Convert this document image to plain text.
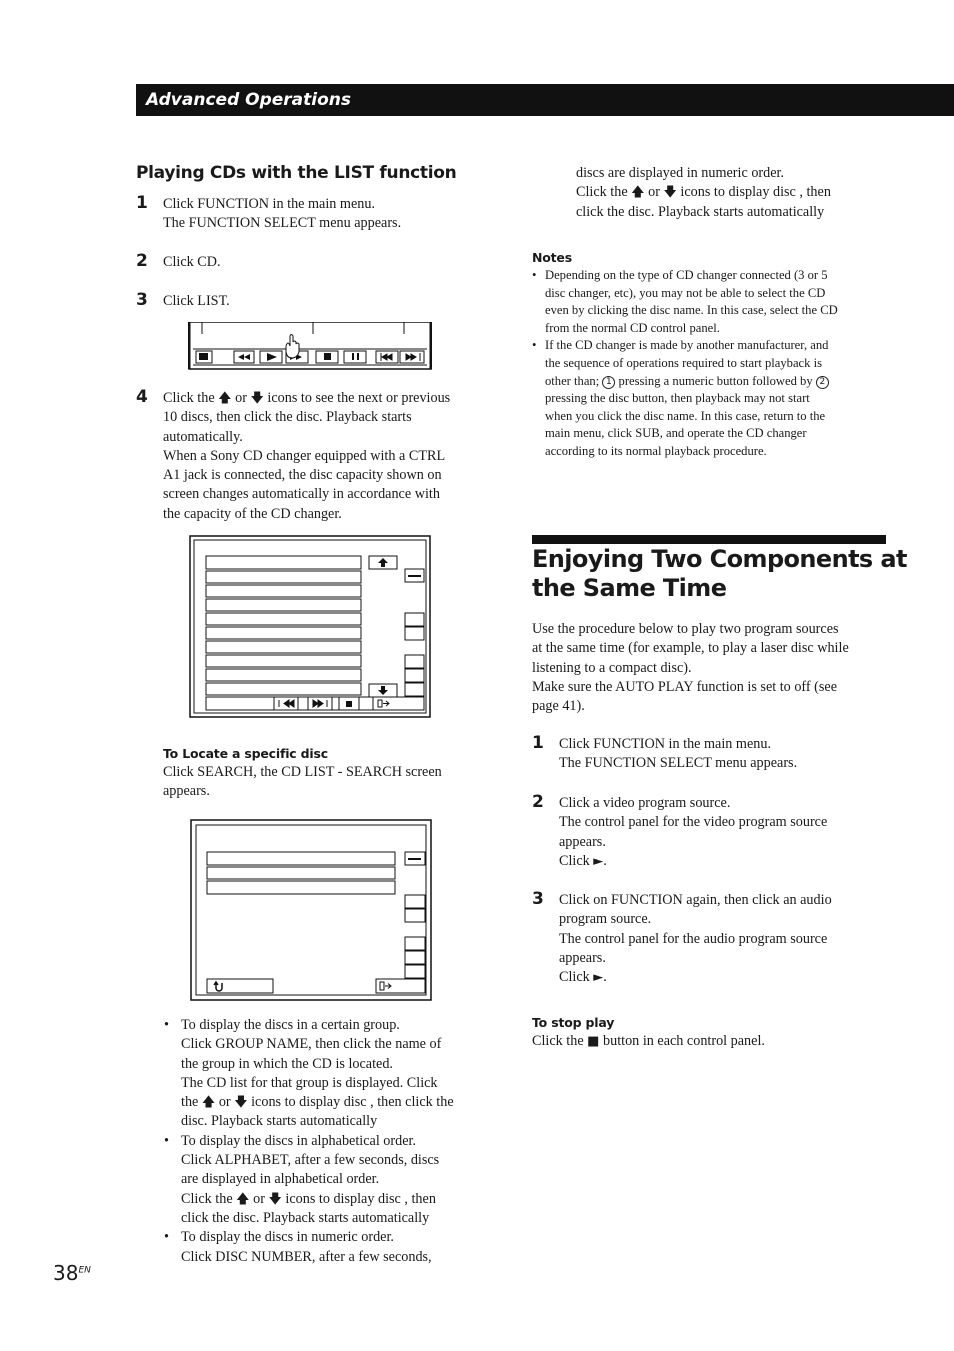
Advanced Operations
Playing CDs with the LIST function
1 Click FUNCTION in the main menu.
The FUNCTION SELECT menu appears.
2 Click CD.
3 Click LIST.
4 Click the 🡅 or 🡇 icons to see the next or previous
10 discs, then click the disc. Playback starts
automatically.
When a Sony CD changer equipped with a CTRL
A1 jack is connected, the disc capacity shown on
screen changes automatically in accordance with
the capacity of the CD changer.
To Locate a specific disc
Click SEARCH, the CD LIST - SEARCH screen
appears.
• To display the discs in a certain group.
Click GROUP NAME, then click the name of
the group in which the CD is located.
The CD list for that group is displayed. Click
the 🡅 or 🡇 icons to display disc , then click the
disc. Playback starts automatically
• To display the discs in alphabetical order.
Click ALPHABET, after a few seconds, discs
are displayed in alphabetical order.
Click the 🡅 or 🡇 icons to display disc , then
click the disc. Playback starts automatically
• To display the discs in numeric order.
Click DISC NUMBER, after a few seconds,
discs are displayed in numeric order.
Click the 🡅 or 🡇 icons to display disc , then
click the disc. Playback starts automatically
Notes
• Depending on the type of CD changer connected (3 or 5
disc changer, etc), you may not be able to select the CD
even by clicking the disc name. In this case, select the CD
from the normal CD control panel.
• If the CD changer is made by another manufacturer, and
the sequence of operations required to start playback is
other than; 1 pressing a numeric button followed by 2
pressing the disc button, then playback may not start
when you click the disc name. In this case, return to the
main menu, click SUB, and operate the CD changer
according to its normal playback procedure.
Enjoying Two Components at
the Same Time
Use the procedure below to play two program sources
at the same time (for example, to play a laser disc while
listening to a compact disc).
Make sure the AUTO PLAY function is set to off (see
page 41).
1 Click FUNCTION in the main menu.
The FUNCTION SELECT menu appears.
2 Click a video program source.
The control panel for the video program source
appears.
Click ►.
3 Click on FUNCTION again, then click an audio
program source.
The control panel for the audio program source
appears.
Click ►.
To stop play
Click the ■ button in each control panel.
$38^{EN}$
